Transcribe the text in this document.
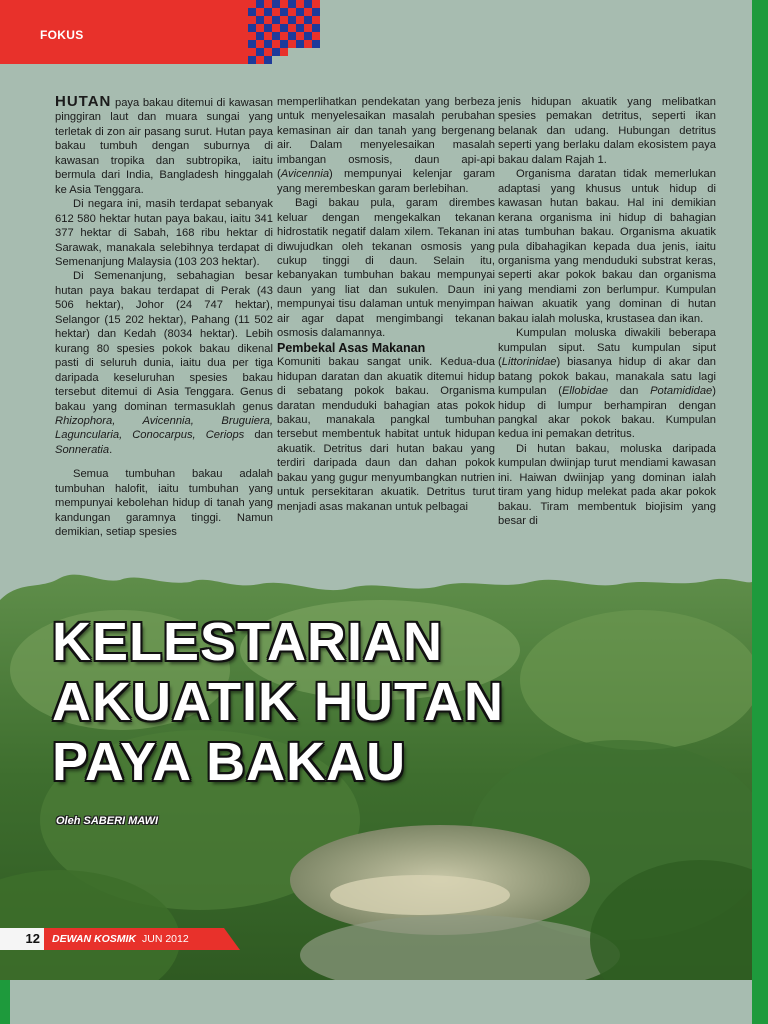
FOKUS

HUTAN paya bakau ditemui di kawasan pinggiran laut dan muara sungai yang terletak di zon air pasang surut. Hutan paya bakau tumbuh dengan suburnya di kawasan tropika dan subtropika, iaitu bermula dari India, Bangladesh hinggalah ke Asia Tenggara.

Di negara ini, masih terdapat sebanyak 612 580 hektar hutan paya bakau, iaitu 341 377 hektar di Sabah, 168 ribu hektar di Sarawak, manakala selebihnya terdapat di Semenanjung Malaysia (103 203 hektar).

Di Semenanjung, sebahagian besar hutan paya bakau terdapat di Perak (43 506 hektar), Johor (24 747 hektar), Selangor (15 202 hektar), Pahang (11 502 hektar) dan Kedah (8034 hektar). Lebih kurang 80 spesies pokok bakau dikenal pasti di seluruh dunia, iaitu dua per tiga daripada keseluruhan spesies bakau tersebut ditemui di Asia Tenggara. Genus bakau yang dominan termasuklah genus Rhizophora, Avicennia, Bruguiera, Laguncularia, Conocarpus, Ceriops dan Sonneratia.

Semua tumbuhan bakau adalah tumbuhan halofit, iaitu tumbuhan yang mempunyai kebolehan hidup di tanah yang kandungan garamnya tinggi. Namun demikian, setiap spesies

memperlihatkan pendekatan yang berbeza untuk menyelesaikan masalah perubahan kemasinan air dan tanah yang bergenang air. Dalam menyelesaikan masalah imbangan osmosis, daun api-api (Avicennia) mempunyai kelenjar garam yang merembeskan garam berlebihan.

Bagi bakau pula, garam dirembes keluar dengan mengekalkan tekanan hidrostatik negatif dalam xilem. Tekanan ini diwujudkan oleh tekanan osmosis yang cukup tinggi di daun. Selain itu, kebanyakan tumbuhan bakau mempunyai daun yang liat dan sukulen. Daun ini mempunyai tisu dalaman untuk menyimpan air agar dapat mengimbangi tekanan osmosis dalamannya.

Pembekal Asas Makanan

Komuniti bakau sangat unik. Kedua-dua hidupan daratan dan akuatik ditemui hidup di sebatang pokok bakau. Organisma daratan menduduki bahagian atas pokok bakau, manakala pangkal tumbuhan tersebut membentuk habitat untuk hidupan akuatik. Detritus dari hutan bakau yang terdiri daripada daun dan dahan pokok bakau yang gugur menyumbangkan nutrien untuk persekitaran akuatik. Detritus turut menjadi asas makanan untuk pelbagai

jenis hidupan akuatik yang melibatkan spesies pemakan detritus, seperti ikan belanak dan udang. Hubungan detritus seperti yang berlaku dalam ekosistem paya bakau dalam Rajah 1.

Organisma daratan tidak memerlukan adaptasi yang khusus untuk hidup di kawasan hutan bakau. Hal ini demikian kerana organisma ini hidup di bahagian atas tumbuhan bakau. Organisma akuatik pula dibahagikan kepada dua jenis, iaitu organisma yang menduduki substrat keras, seperti akar pokok bakau dan organisma yang mendiami zon berlumpur. Kumpulan haiwan akuatik yang dominan di hutan bakau ialah moluska, krustasea dan ikan.

Kumpulan moluska diwakili beberapa kumpulan siput. Satu kumpulan siput (Littorinidae) biasanya hidup di akar dan batang pokok bakau, manakala satu lagi kumpulan (Ellobidae dan Potamididae) hidup di lumpur berhampiran dengan pangkal akar pokok bakau. Kumpulan kedua ini pemakan detritus.

Di hutan bakau, moluska daripada kumpulan dwiinjap turut mendiami kawasan ini. Haiwan dwiinjap yang dominan ialah tiram yang hidup melekat pada akar pokok bakau. Tiram membentuk biojisim yang besar di

KELESTARIAN
AKUATIK HUTAN
PAYA BAKAU
Oleh SABERI MAWI
12	DEWAN KOSMIK JUN 2012
